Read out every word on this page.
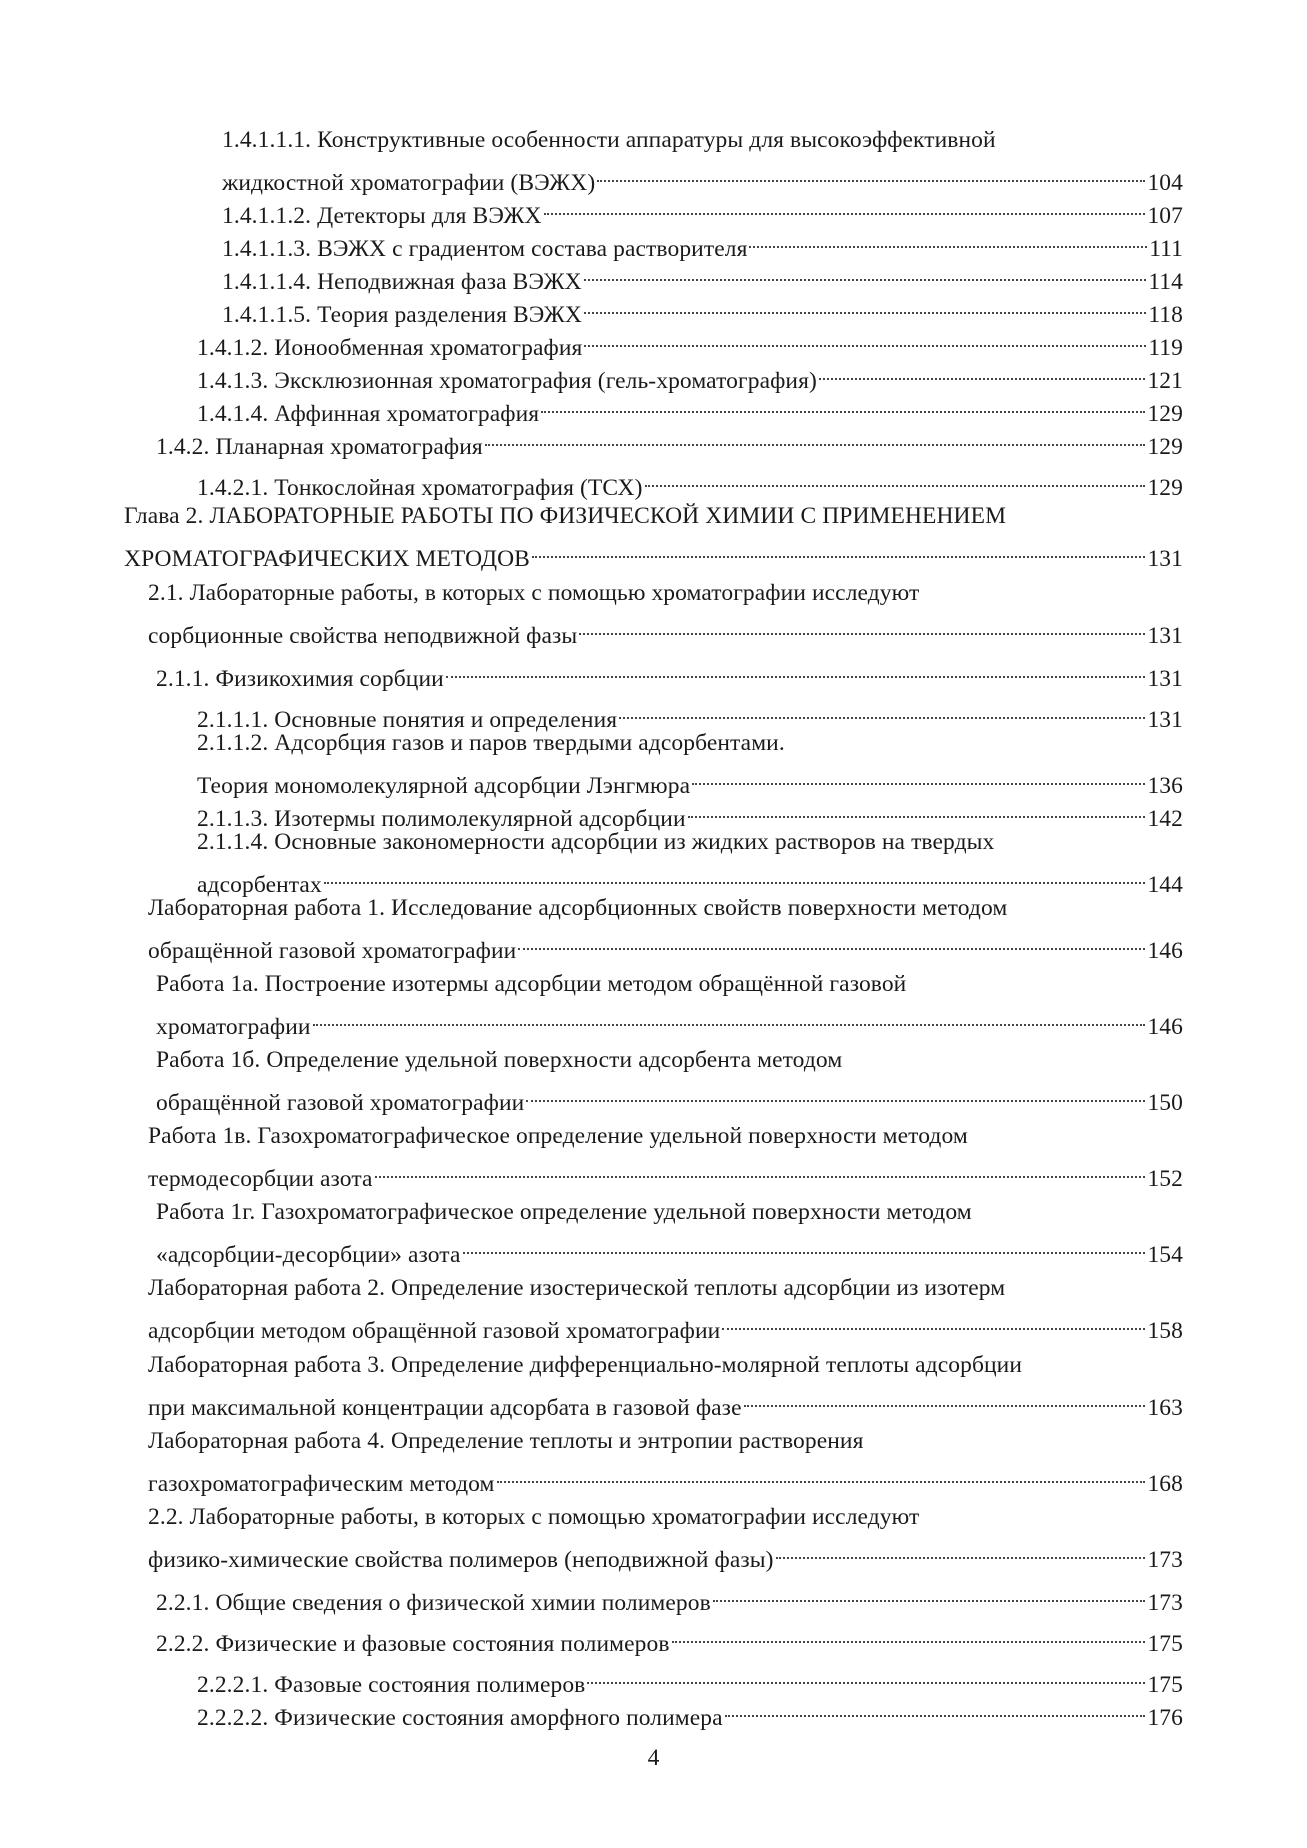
1.4.1.1.1. Конструктивные особенности аппаратуры для высокоэффективной
жидкостной хроматографии (ВЭЖХ)	104
1.4.1.1.2. Детекторы для ВЭЖХ	107
1.4.1.1.3. ВЭЖХ с градиентом состава растворителя	111
1.4.1.1.4. Неподвижная фаза ВЭЖХ	114
1.4.1.1.5. Теория разделения ВЭЖХ	118
1.4.1.2. Ионообменная хроматография	119
1.4.1.3. Эксклюзионная хроматография (гель-хроматография)	121
1.4.1.4. Аффинная хроматография	129
1.4.2. Планарная хроматография	129
1.4.2.1. Тонкослойная хроматография (ТСХ)	129
Глава 2. ЛАБОРАТОРНЫЕ РАБОТЫ ПО ФИЗИЧЕСКОЙ ХИМИИ С ПРИМЕНЕНИЕМ
ХРОМАТОГРАФИЧЕСКИХ МЕТОДОВ	131
2.1. Лабораторные работы, в которых с помощью хроматографии исследуют
сорбционные свойства неподвижной фазы	131
2.1.1. Физикохимия сорбции	131
2.1.1.1. Основные понятия и определения	131
2.1.1.2. Адсорбция газов и паров твердыми адсорбентами.
Теория мономолекулярной адсорбции Лэнгмюра	136
2.1.1.3. Изотермы полимолекулярной адсорбции	142
2.1.1.4. Основные закономерности адсорбции из жидких растворов на твердых
адсорбентах	144
Лабораторная работа 1. Исследование адсорбционных свойств поверхности методом
обращённой газовой хроматографии	146
Работа 1а. Построение изотермы адсорбции методом обращённой газовой
хроматографии	146
Работа 1б. Определение удельной поверхности адсорбента методом
обращённой газовой хроматографии	150
Работа 1в. Газохроматографическое определение удельной поверхности методом
термодесорбции азота	152
Работа 1г. Газохроматографическое определение удельной поверхности методом
«адсорбции-десорбции» азота	154
Лабораторная работа 2. Определение изостерической теплоты адсорбции из изотерм
адсорбции методом обращённой газовой хроматографии	158
Лабораторная работа 3. Определение дифференциально-молярной теплоты адсорбции
при максимальной концентрации адсорбата в газовой фазе	163
Лабораторная работа 4. Определение теплоты и энтропии растворения
газохроматографическим методом	168
2.2. Лабораторные работы, в которых с помощью хроматографии исследуют
физико-химические свойства полимеров (неподвижной фазы)	173
2.2.1. Общие сведения о физической химии полимеров	173
2.2.2. Физические и фазовые состояния полимеров	175
2.2.2.1. Фазовые состояния полимеров	175
2.2.2.2. Физические состояния аморфного полимера	176
4
